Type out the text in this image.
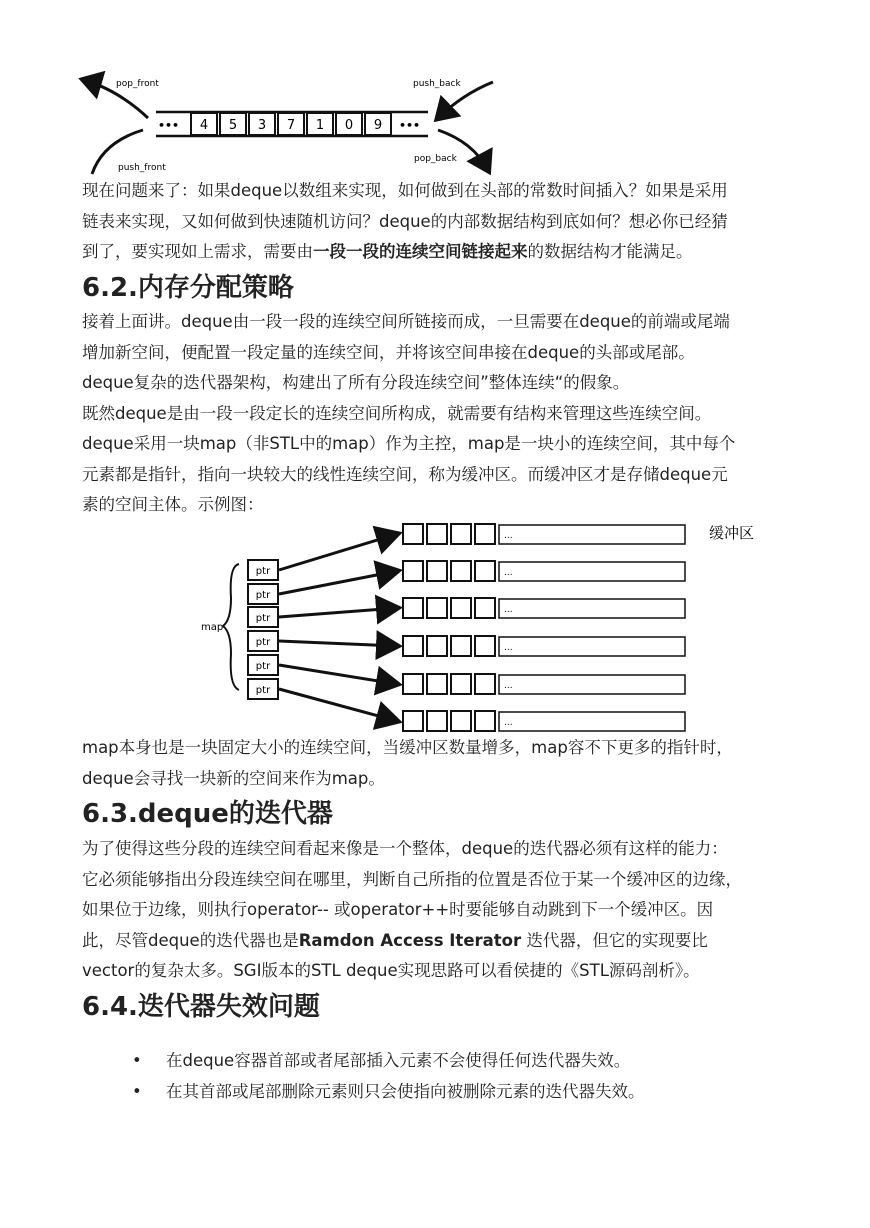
pop_front	push_back
push_front
pop_back
•••	•••
4 5 3 7 1 0 9

现在问题来了：如果deque以数组来实现，如何做到在头部的常数时间插入？如果是采用
链表来实现，又如何做到快速随机访问？deque的内部数据结构到底如何？想必你已经猜
到了，要实现如上需求，需要由一段一段的连续空间链接起来的数据结构才能满足。

6.2.内存分配策略

接着上面讲。deque由一段一段的连续空间所链接而成，一旦需要在deque的前端或尾端
增加新空间，便配置一段定量的连续空间，并将该空间串接在deque的头部或尾部。
deque复杂的迭代器架构，构建出了所有分段连续空间”整体连续“的假象。
既然deque是由一段一段定长的连续空间所构成，就需要有结构来管理这些连续空间。
deque采用一块map（非STL中的map）作为主控，map是一块小的连续空间，其中每个
元素都是指针，指向一块较大的线性连续空间，称为缓冲区。而缓冲区才是存储deque元
素的空间主体。示例图：

缓冲区
map
ptr
ptr
ptr
ptr
ptr
ptr
...
...
...
...
...
...

map本身也是一块固定大小的连续空间，当缓冲区数量增多，map容不下更多的指针时，
deque会寻找一块新的空间来作为map。

6.3.deque的迭代器

为了使得这些分段的连续空间看起来像是一个整体，deque的迭代器必须有这样的能力：
它必须能够指出分段连续空间在哪里，判断自己所指的位置是否位于某一个缓冲区的边缘，
如果位于边缘，则执行operator-- 或operator++时要能够自动跳到下一个缓冲区。因
此，尽管deque的迭代器也是Ramdon Access Iterator 迭代器，但它的实现要比
vector的复杂太多。SGI版本的STL deque实现思路可以看侯捷的《STL源码剖析》。

6.4.迭代器失效问题
• 在deque容器首部或者尾部插入元素不会使得任何迭代器失效。
• 在其首部或尾部删除元素则只会使指向被删除元素的迭代器失效。
